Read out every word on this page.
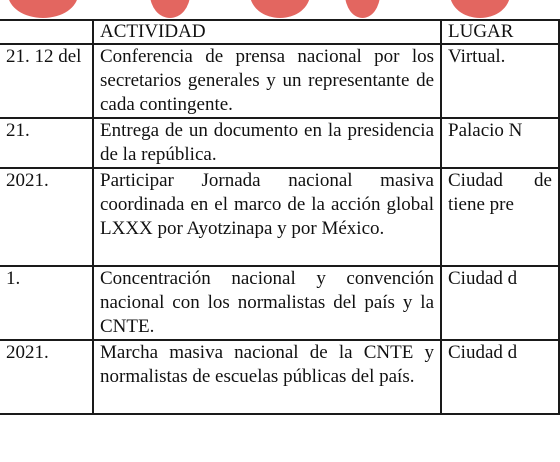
	ACTIVIDAD	LUGAR
21. 12 del	Conferencia de prensa nacional por los secretarios generales y un representante de cada contingente.	Virtual.
21.	Entrega de un documento en la presidencia de la república.	Palacio N
2021.	Participar Jornada nacional masiva coordinada en el marco de la acción global LXXX por Ayotzinapa y por México.	Ciudad de tiene pre
1.	Concentración nacional y convención nacional con los normalistas del país y la CNTE.	Ciudad d
2021.	Marcha masiva nacional de la CNTE y normalistas de escuelas públicas del país.	Ciudad d
